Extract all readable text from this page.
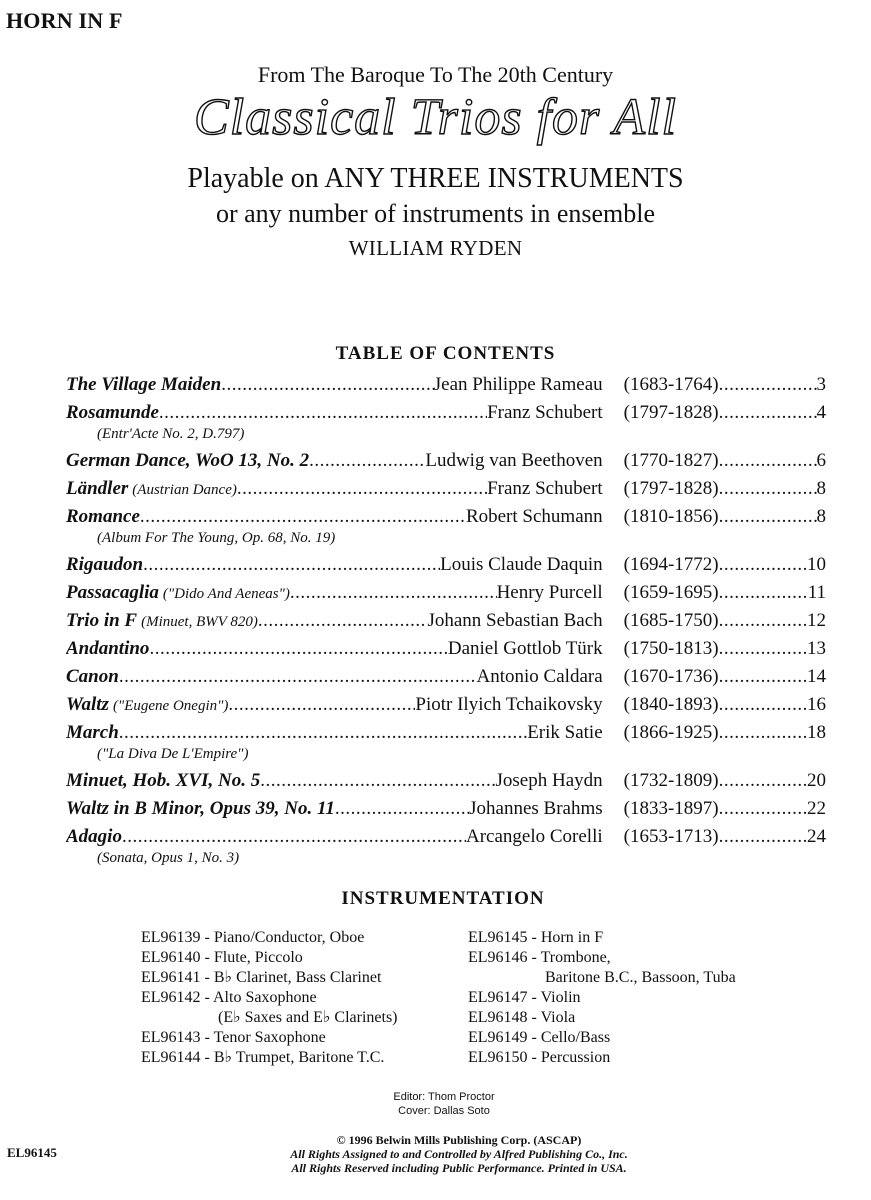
HORN IN F
From The Baroque To The 20th Century
Classical Trios for All
Playable on ANY THREE INSTRUMENTS
or any number of instruments in ensemble
WILLIAM RYDEN
TABLE OF CONTENTS
The Village Maiden .....	Jean Philippe Rameau (1683-1764) .....	3
Rosamunde .....	Franz Schubert (1797-1828) .....	4
(Entr'Acte No. 2, D.797)
German Dance, WoO 13, No. 2 .....	Ludwig van Beethoven (1770-1827) .....	6
Ländler (Austrian Dance) .....	Franz Schubert (1797-1828) .....	8
Romance .....	Robert Schumann (1810-1856) .....	8
(Album For The Young, Op. 68, No. 19)
Rigaudon .....	Louis Claude Daquin (1694-1772) .....	10
Passacaglia ("Dido And Aeneas") .....	Henry Purcell (1659-1695) .....	11
Trio in F (Minuet, BWV 820) .....	Johann Sebastian Bach (1685-1750) .....	12
Andantino .....	Daniel Gottlob Türk (1750-1813) .....	13
Canon .....	Antonio Caldara (1670-1736) .....	14
Waltz ("Eugene Onegin") .....	Piotr Ilyich Tchaikovsky (1840-1893) .....	16
March .....	Erik Satie (1866-1925) .....	18
("La Diva De L'Empire")
Minuet, Hob. XVI, No. 5 .....	Joseph Haydn (1732-1809) .....	20
Waltz in B Minor, Opus 39, No. 11 .....	Johannes Brahms (1833-1897) .....	22
Adagio .....	Arcangelo Corelli (1653-1713) .....	24
(Sonata, Opus 1, No. 3)
INSTRUMENTATION
EL96139 - Piano/Conductor, Oboe
EL96140 - Flute, Piccolo
EL96141 - B♭ Clarinet, Bass Clarinet
EL96142 - Alto Saxophone
(E♭ Saxes and E♭ Clarinets)
EL96143 - Tenor Saxophone
EL96144 - B♭ Trumpet, Baritone T.C.
EL96145 - Horn in F
EL96146 - Trombone,
Baritone B.C., Bassoon, Tuba
EL96147 - Violin
EL96148 - Viola
EL96149 - Cello/Bass
EL96150 - Percussion
Editor: Thom Proctor
Cover: Dallas Soto
EL96145
© 1996 Belwin Mills Publishing Corp. (ASCAP)
All Rights Assigned to and Controlled by Alfred Publishing Co., Inc.
All Rights Reserved including Public Performance. Printed in USA.
